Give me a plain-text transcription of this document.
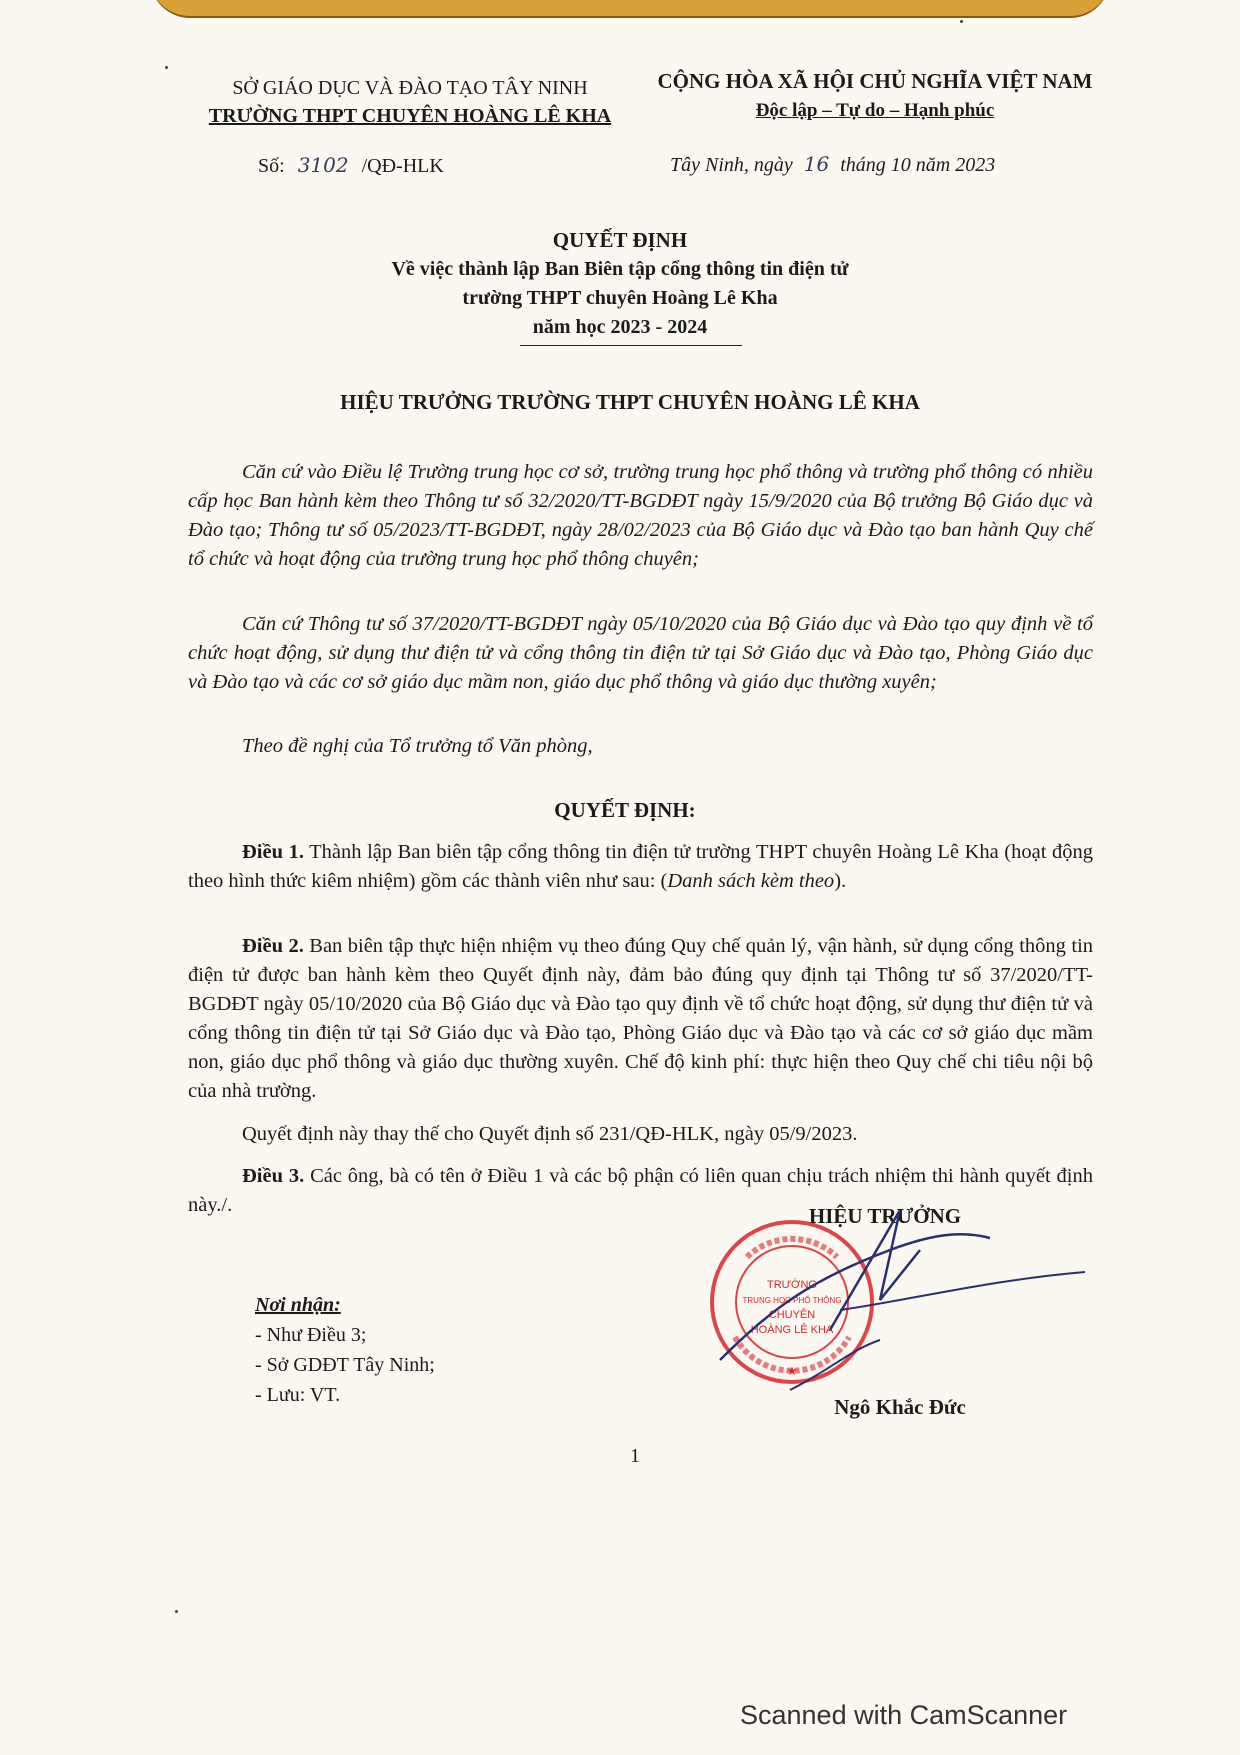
SỞ GIÁO DỤC VÀ ĐÀO TẠO TÂY NINH
TRƯỜNG THPT CHUYÊN HOÀNG LÊ KHA
CỘNG HÒA XÃ HỘI CHỦ NGHĨA VIỆT NAM
Độc lập – Tự do – Hạnh phúc
Số: 3102 /QĐ-HLK	Tây Ninh, ngày 16 tháng 10 năm 2023
QUYẾT ĐỊNH
Về việc thành lập Ban Biên tập cổng thông tin điện tử
trường THPT chuyên Hoàng Lê Kha
năm học 2023 - 2024
HIỆU TRƯỞNG TRƯỜNG THPT CHUYÊN HOÀNG LÊ KHA
Căn cứ vào Điều lệ Trường trung học cơ sở, trường trung học phổ thông và trường phổ thông có nhiều cấp học Ban hành kèm theo Thông tư số 32/2020/TT-BGDĐT ngày 15/9/2020 của Bộ trưởng Bộ Giáo dục và Đào tạo; Thông tư số 05/2023/TT-BGDĐT, ngày 28/02/2023 của Bộ Giáo dục và Đào tạo ban hành Quy chế tổ chức và hoạt động của trường trung học phổ thông chuyên;
Căn cứ Thông tư số 37/2020/TT-BGDĐT ngày 05/10/2020 của Bộ Giáo dục và Đào tạo quy định về tổ chức hoạt động, sử dụng thư điện tử và cổng thông tin điện tử tại Sở Giáo dục và Đào tạo, Phòng Giáo dục và Đào tạo và các cơ sở giáo dục mầm non, giáo dục phổ thông và giáo dục thường xuyên;
Theo đề nghị của Tổ trưởng tổ Văn phòng,
QUYẾT ĐỊNH:
Điều 1. Thành lập Ban biên tập cổng thông tin điện tử trường THPT chuyên Hoàng Lê Kha (hoạt động theo hình thức kiêm nhiệm) gồm các thành viên như sau: (Danh sách kèm theo).
Điều 2. Ban biên tập thực hiện nhiệm vụ theo đúng Quy chế quản lý, vận hành, sử dụng cổng thông tin điện tử được ban hành kèm theo Quyết định này, đảm bảo đúng quy định tại Thông tư số 37/2020/TT-BGDĐT ngày 05/10/2020 của Bộ Giáo dục và Đào tạo quy định về tổ chức hoạt động, sử dụng thư điện tử và cổng thông tin điện tử tại Sở Giáo dục và Đào tạo, Phòng Giáo dục và Đào tạo và các cơ sở giáo dục mầm non, giáo dục phổ thông và giáo dục thường xuyên. Chế độ kinh phí: thực hiện theo Quy chế chi tiêu nội bộ của nhà trường.
Quyết định này thay thế cho Quyết định số 231/QĐ-HLK, ngày 05/9/2023.
Điều 3. Các ông, bà có tên ở Điều 1 và các bộ phận có liên quan chịu trách nhiệm thi hành quyết định này./.	HIỆU TRƯỞNG
TRƯỜNG
TRUNG HỌC PHỔ THÔNG
CHUYÊN
HOÀNG LÊ KHA
★
Ngô Khắc Đức
Nơi nhận:
- Như Điều 3;
- Sở GDĐT Tây Ninh;
- Lưu: VT.
1
Scanned with CamScanner
